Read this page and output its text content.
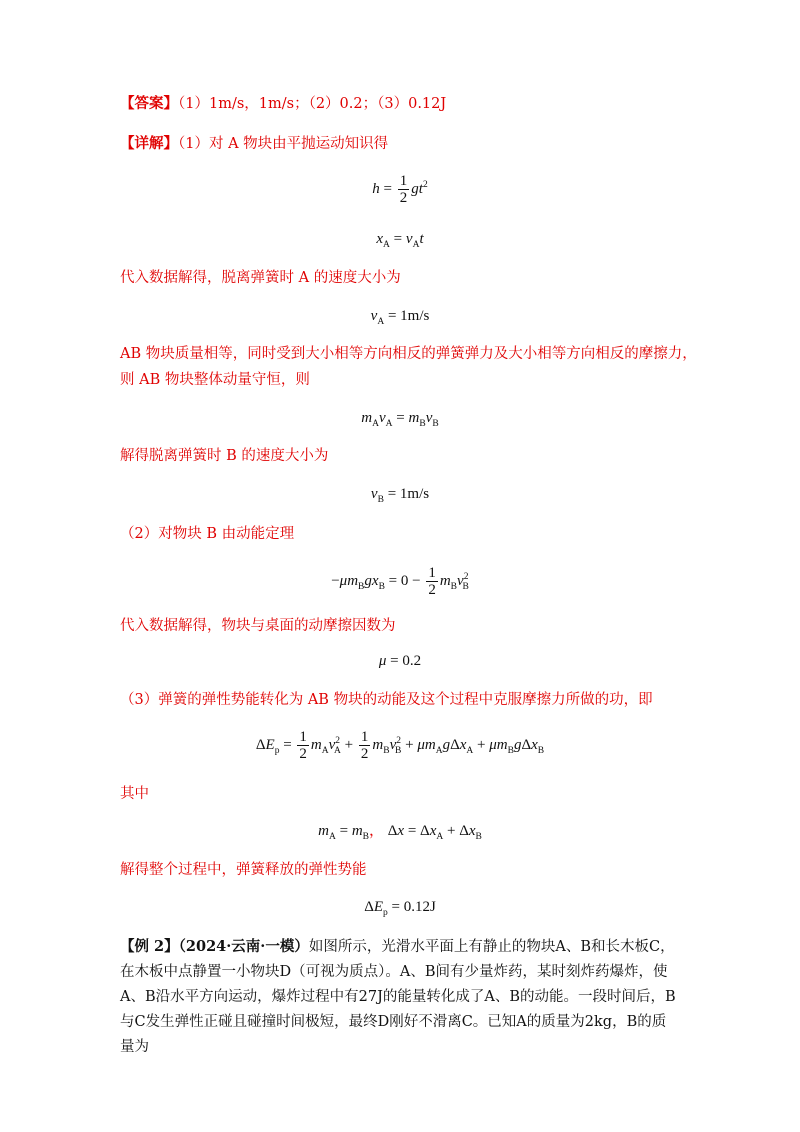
【答案】（1）1m/s，1m/s；（2）0.2；（3）0.12J
【详解】（1）对 A 物块由平抛运动知识得
$h = \frac{1}{2} gt^2$
$x_A = v_At$
代入数据解得，脱离弹簧时 A 的速度大小为
$v_A = 1m/s$
AB 物块质量相等，同时受到大小相等方向相反的弹簧弹力及大小相等方向相反的摩擦力，
则 AB 物块整体动量守恒，则
$m_Av_A = m_Bv_B$
解得脱离弹簧时 B 的速度大小为
$v_B = 1m/s$
（2）对物块 B 由动能定理
$-\mu m_Bgx_B = 0 - \frac{1}{2} m_Bv^2_B$
代入数据解得，物块与桌面的动摩擦因数为
μ = 0.2
（3）弹簧的弹性势能转化为 AB 物块的动能及这个过程中克服摩擦力所做的功，即
$\Delta E_p = \frac{1}{2} m_Av^2_A + \frac{1}{2} m_Bv^2_B + \mu m_Ag\Delta x_A + \mu m_Bg\Delta x_B$
其中
$m_A = m_B$， $\Delta x = \Delta x_A + \Delta x_B$
解得整个过程中，弹簧释放的弹性势能
$\Delta E_p = 0.12J$
【例 2】（2024·云南·一模）如图所示，光滑水平面上有静止的物块A、B和长木板C，在木板中点静置一小物块D（可视为质点）。A、B间有少量炸药，某时刻炸药爆炸，使A、B沿水平方向运动，爆炸过程中有27J的能量转化成了A、B的动能。一段时间后，B与C发生弹性正碰且碰撞时间极短，最终D刚好不滑离C。已知A的质量为2kg，B的质量为
